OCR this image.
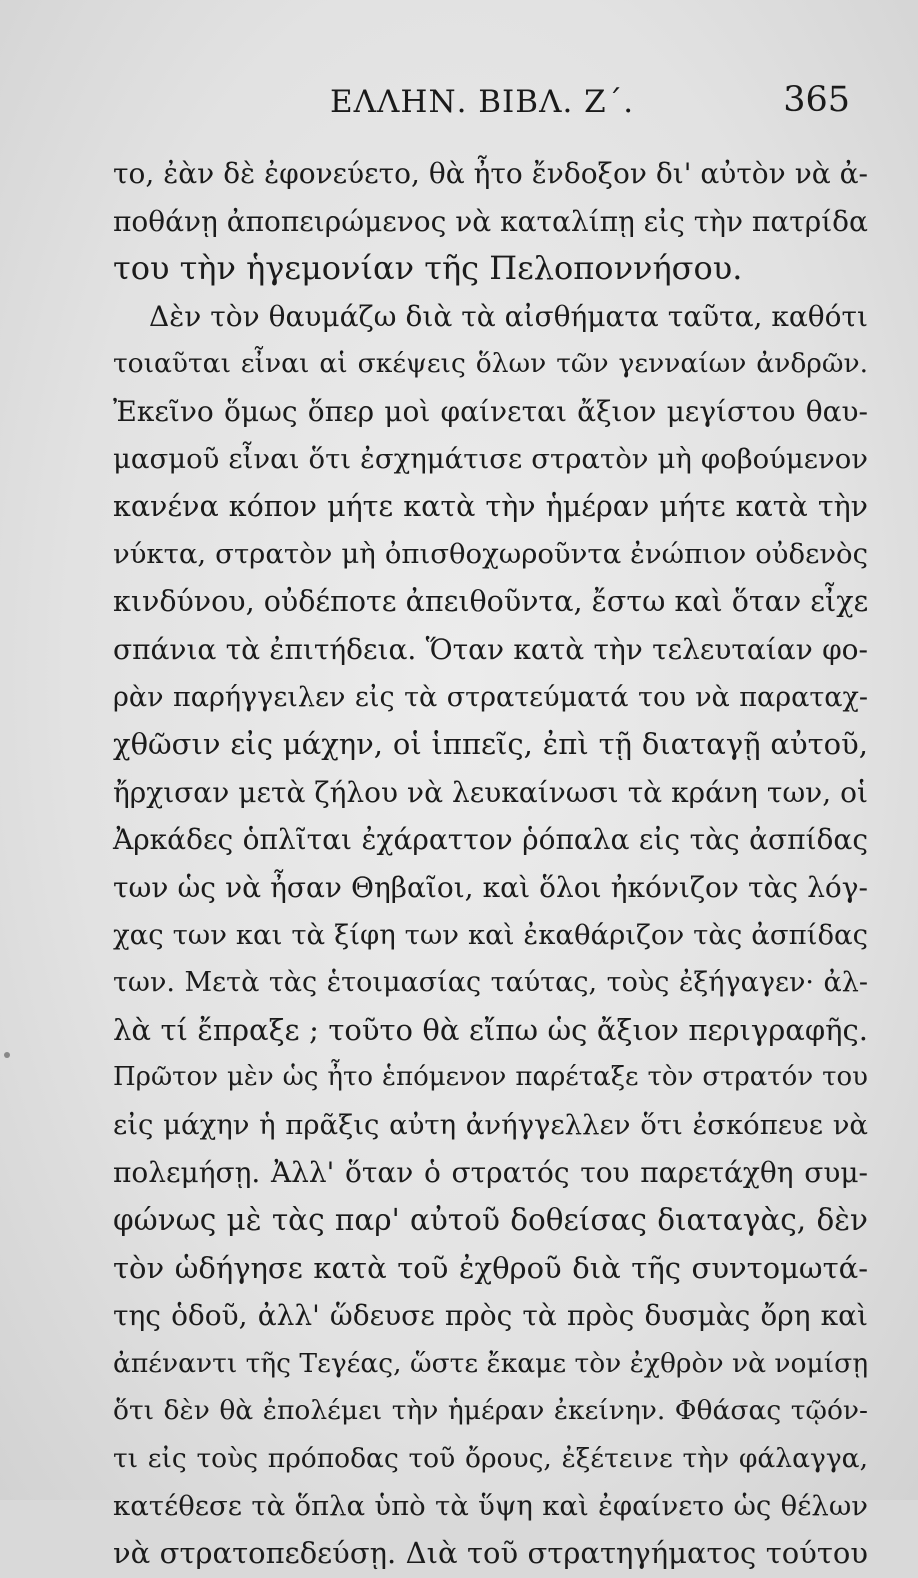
ΕΛΛΗΝ. ΒΙΒΛ. Ζ΄.	365
το, ἐὰν δὲ ἐφονεύετο, θὰ ἦτο ἔνδοξον δι' αὐτὸν νὰ ἀ-
ποθάνῃ ἀποπειρώμενος νὰ καταλίπῃ εἰς τὴν πατρίδα
του τὴν ἡγεμονίαν τῆς Πελοποννήσου.
Δὲν τὸν θαυμάζω διὰ τὰ αἰσθήματα ταῦτα, καθότι
τοιαῦται εἶναι αἱ σκέψεις ὅλων τῶν γενναίων ἀνδρῶν.
Ἐκεῖνο ὅμως ὅπερ μοὶ φαίνεται ἄξιον μεγίστου θαυ-
μασμοῦ εἶναι ὅτι ἐσχημάτισε στρατὸν μὴ φοβούμενον
κανένα κόπον μήτε κατὰ τὴν ἡμέραν μήτε κατὰ τὴν
νύκτα, στρατὸν μὴ ὀπισθοχωροῦντα ἐνώπιον οὐδενὸς
κινδύνου, οὐδέποτε ἀπειθοῦντα, ἔστω καὶ ὅταν εἶχε
σπάνια τὰ ἐπιτήδεια. Ὅταν κατὰ τὴν τελευταίαν φο-
ρὰν παρήγγειλεν εἰς τὰ στρατεύματά του νὰ παραταχ-
χθῶσιν εἰς μάχην, οἱ ἱππεῖς, ἐπὶ τῇ διαταγῇ αὐτοῦ,
ἤρχισαν μετὰ ζήλου νὰ λευκαίνωσι τὰ κράνη των, οἱ
Ἀρκάδες ὁπλῖται ἐχάραττον ῥόπαλα εἰς τὰς ἀσπίδας
των ὡς νὰ ἦσαν Θηβαῖοι, καὶ ὅλοι ἠκόνιζον τὰς λόγ-
χας των και τὰ ξίφη των καὶ ἐκαθάριζον τὰς ἀσπίδας
των. Μετὰ τὰς ἑτοιμασίας ταύτας, τοὺς ἐξήγαγεν· ἀλ-
λὰ τί ἔπραξε ; τοῦτο θὰ εἴπω ὡς ἄξιον περιγραφῆς.
Πρῶτον μὲν ὡς ἦτο ἑπόμενον παρέταξε τὸν στρατόν του
εἰς μάχην ἡ πρᾶξις αὐτη ἀνήγγελλεν ὅτι ἐσκόπευε νὰ
πολεμήσῃ. Ἀλλ' ὅταν ὁ στρατός του παρετάχθη συμ-
φώνως μὲ τὰς παρ' αὐτοῦ δοθείσας διαταγὰς, δὲν
τὸν ὡδήγησε κατὰ τοῦ ἐχθροῦ διὰ τῆς συντομωτά-
της ὁδοῦ, ἀλλ' ὥδευσε πρὸς τὰ πρὸς δυσμὰς ὄρη καὶ
ἀπέναντι τῆς Τεγέας, ὥστε ἔκαμε τὸν ἐχθρὸν νὰ νομίσῃ
ὅτι δὲν θὰ ἐπολέμει τὴν ἡμέραν ἐκείνην. Φθάσας τῷόν-
τι εἰς τοὺς πρόποδας τοῦ ὄρους, ἐξέτεινε τὴν φάλαγγα,
κατέθεσε τὰ ὅπλα ὑπὸ τὰ ὕψη καὶ ἐφαίνετο ὡς θέλων
νὰ στρατοπεδεύσῃ. Διὰ τοῦ στρατηγήματος τούτου
